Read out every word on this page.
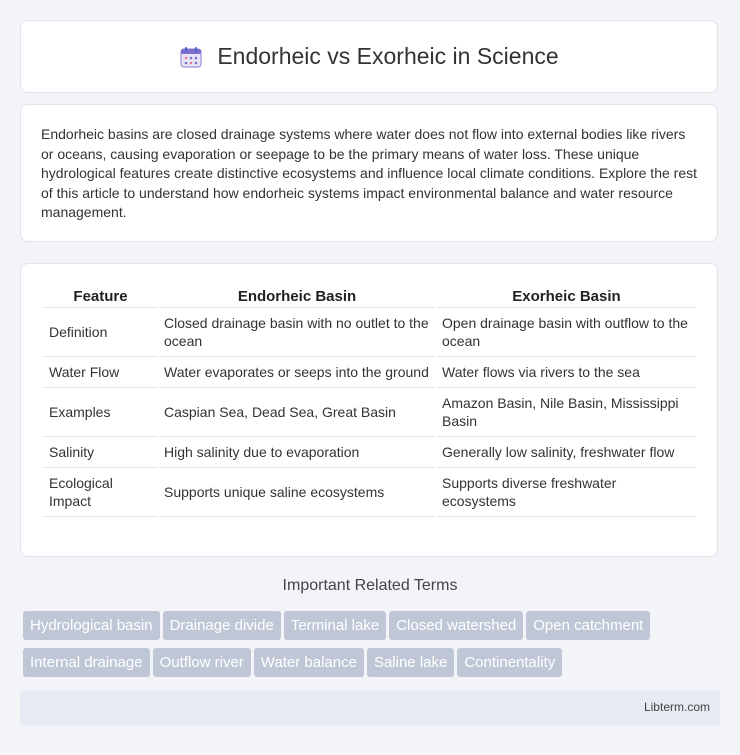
Endorheic vs Exorheic in Science

Endorheic basins are closed drainage systems where water does not flow into external bodies like rivers or oceans, causing evaporation or seepage to be the primary means of water loss. These unique hydrological features create distinctive ecosystems and influence local climate conditions. Explore the rest of this article to understand how endorheic systems impact environmental balance and water resource management.

Feature	Endorheic Basin	Exorheic Basin
Definition	Closed drainage basin with no outlet to the ocean	Open drainage basin with outflow to the ocean
Water Flow	Water evaporates or seeps into the ground	Water flows via rivers to the sea
Examples	Caspian Sea, Dead Sea, Great Basin	Amazon Basin, Nile Basin, Mississippi Basin
Salinity	High salinity due to evaporation	Generally low salinity, freshwater flow
Ecological Impact	Supports unique saline ecosystems	Supports diverse freshwater ecosystems
Important Related Terms
Hydrological basin Drainage divide Terminal lake Closed watershed Open catchment
Internal drainage Outflow river Water balance Saline lake Continentality
Libterm.com
